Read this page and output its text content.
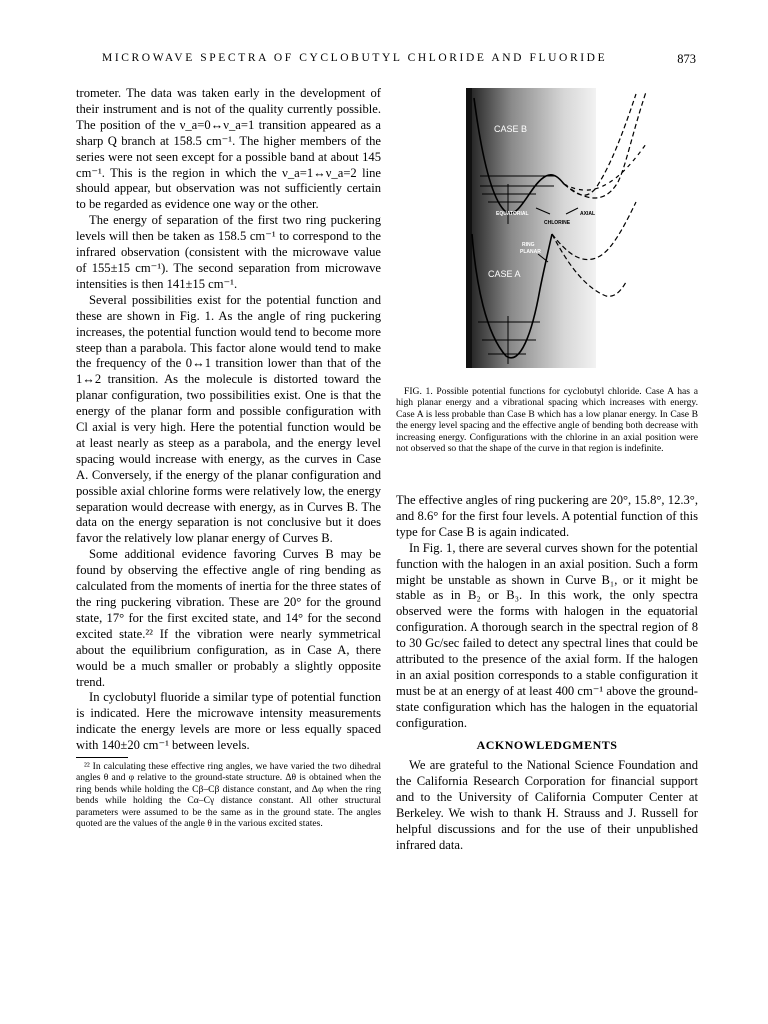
MICROWAVE SPECTRA OF CYCLOBUTYL CHLORIDE AND FLUORIDE	873

trometer. The data was taken early in the development of their instrument and is not of the quality currently possible. The position of the ν_a=0↔ν_a=1 transition appeared as a sharp Q branch at 158.5 cm⁻¹. The higher members of the series were not seen except for a possible band at about 145 cm⁻¹. This is the region in which the ν_a=1↔ν_a=2 line should appear, but observation was not sufficiently certain to be regarded as evidence one way or the other.

The energy of separation of the first two ring puckering levels will then be taken as 158.5 cm⁻¹ to correspond to the infrared observation (consistent with the microwave value of 155±15 cm⁻¹). The second separation from microwave intensities is then 141±15 cm⁻¹.

Several possibilities exist for the potential function and these are shown in Fig. 1. As the angle of ring puckering increases, the potential function would tend to become more steep than a parabola. This factor alone would tend to make the frequency of the 0↔1 transition lower than that of the 1↔2 transition. As the molecule is distorted toward the planar configuration, two possibilities exist. One is that the energy of the planar form and possible configuration with Cl axial is very high. Here the potential function would be at least nearly as steep as a parabola, and the energy level spacing would increase with energy, as the curves in Case A. Conversely, if the energy of the planar configuration and possible axial chlorine forms were relatively low, the energy separation would decrease with energy, as in Curves B. The data on the energy separation is not conclusive but it does favor the relatively low planar energy of Curves B.

Some additional evidence favoring Curves B may be found by observing the effective angle of ring bending as calculated from the moments of inertia for the three states of the ring puckering vibration. These are 20° for the ground state, 17° for the first excited state, and 14° for the second excited state.²² If the vibration were nearly symmetrical about the equilibrium configuration, as in Case A, there would be a much smaller or probably a slightly opposite trend.

In cyclobutyl fluoride a similar type of potential function is indicated. Here the microwave intensity measurements indicate the energy levels are more or less equally spaced with 140±20 cm⁻¹ between levels.

²² In calculating these effective ring angles, we have varied the two dihedral angles θ and φ relative to the ground-state structure. Δθ is obtained when the ring bends while holding the Cβ–Cβ distance constant, and Δφ when the ring bends while holding the Cα–Cγ distance constant. All other structural parameters were assumed to be the same as in the ground state. The angles quoted are the values of the angle θ in the various excited states.

CASE B
CASE A
EQUATORIAL
CHLORINE
AXIAL
RING
PLANAR

FIG. 1. Possible potential functions for cyclobutyl chloride. Case A has a high planar energy and a vibrational spacing which increases with energy. Case A is less probable than Case B which has a low planar energy. In Case B the energy level spacing and the effective angle of bending both decrease with increasing energy. Configurations with the chlorine in an axial position were not observed so that the shape of the curve in that region is indefinite.

The effective angles of ring puckering are 20°, 15.8°, 12.3°, and 8.6° for the first four levels. A potential function of this type for Case B is again indicated.

In Fig. 1, there are several curves shown for the potential function with the halogen in an axial position. Such a form might be unstable as shown in Curve B₁, or it might be stable as in B₂ or B₃. In this work, the only spectra observed were the forms with halogen in the equatorial configuration. A thorough search in the spectral region of 8 to 30 Gc/sec failed to detect any spectral lines that could be attributed to the presence of the axial form. If the halogen in an axial position corresponds to a stable configuration it must be at an energy of at least 400 cm⁻¹ above the ground-state configuration which has the halogen in the equatorial configuration.

ACKNOWLEDGMENTS

We are grateful to the National Science Foundation and the California Research Corporation for financial support and to the University of California Computer Center at Berkeley. We wish to thank H. Strauss and J. Russell for helpful discussions and for the use of their unpublished infrared data.
